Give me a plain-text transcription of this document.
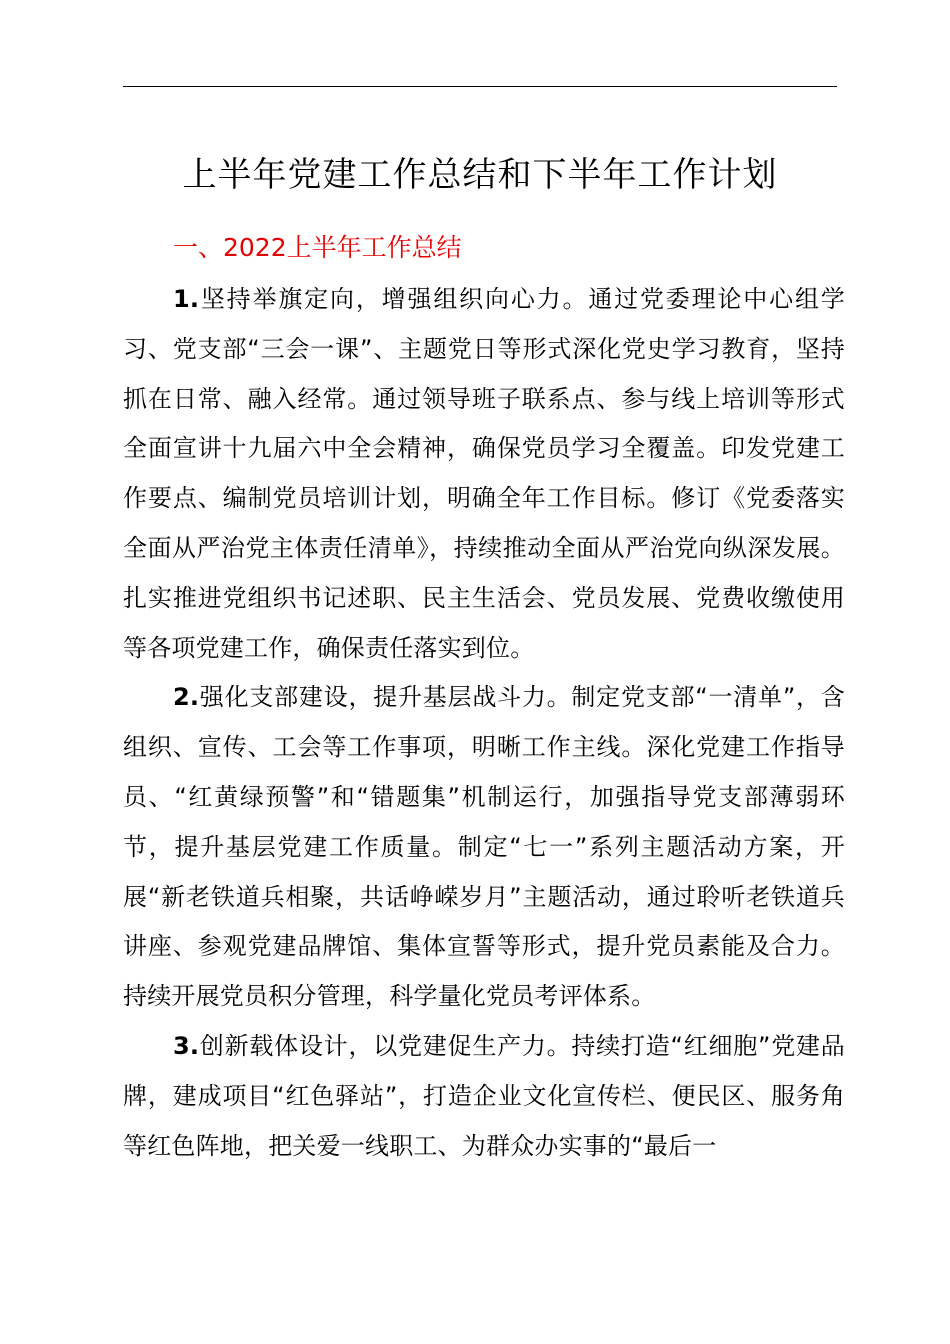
上半年党建工作总结和下半年工作计划
一、2022上半年工作总结

1.坚持举旗定向，增强组织向心力。通过党委理论中心组学习、党支部“三会一课”、主题党日等形式深化党史学习教育，坚持抓在日常、融入经常。通过领导班子联系点、参与线上培训等形式全面宣讲十九届六中全会精神，确保党员学习全覆盖。印发党建工作要点、编制党员培训计划，明确全年工作目标。修订《党委落实全面从严治党主体责任清单》，持续推动全面从严治党向纵深发展。扎实推进党组织书记述职、民主生活会、党员发展、党费收缴使用等各项党建工作，确保责任落实到位。

2.强化支部建设，提升基层战斗力。制定党支部“一清单”，含组织、宣传、工会等工作事项，明晰工作主线。深化党建工作指导员、“红黄绿预警”和“错题集”机制运行，加强指导党支部薄弱环节，提升基层党建工作质量。制定“七一”系列主题活动方案，开展“新老铁道兵相聚，共话峥嵘岁月”主题活动，通过聆听老铁道兵讲座、参观党建品牌馆、集体宣誓等形式，提升党员素能及合力。持续开展党员积分管理，科学量化党员考评体系。

3.创新载体设计，以党建促生产力。持续打造“红细胞”党建品牌，建成项目“红色驿站”，打造企业文化宣传栏、便民区、服务角等红色阵地，把关爱一线职工、为群众办实事的“最后一
